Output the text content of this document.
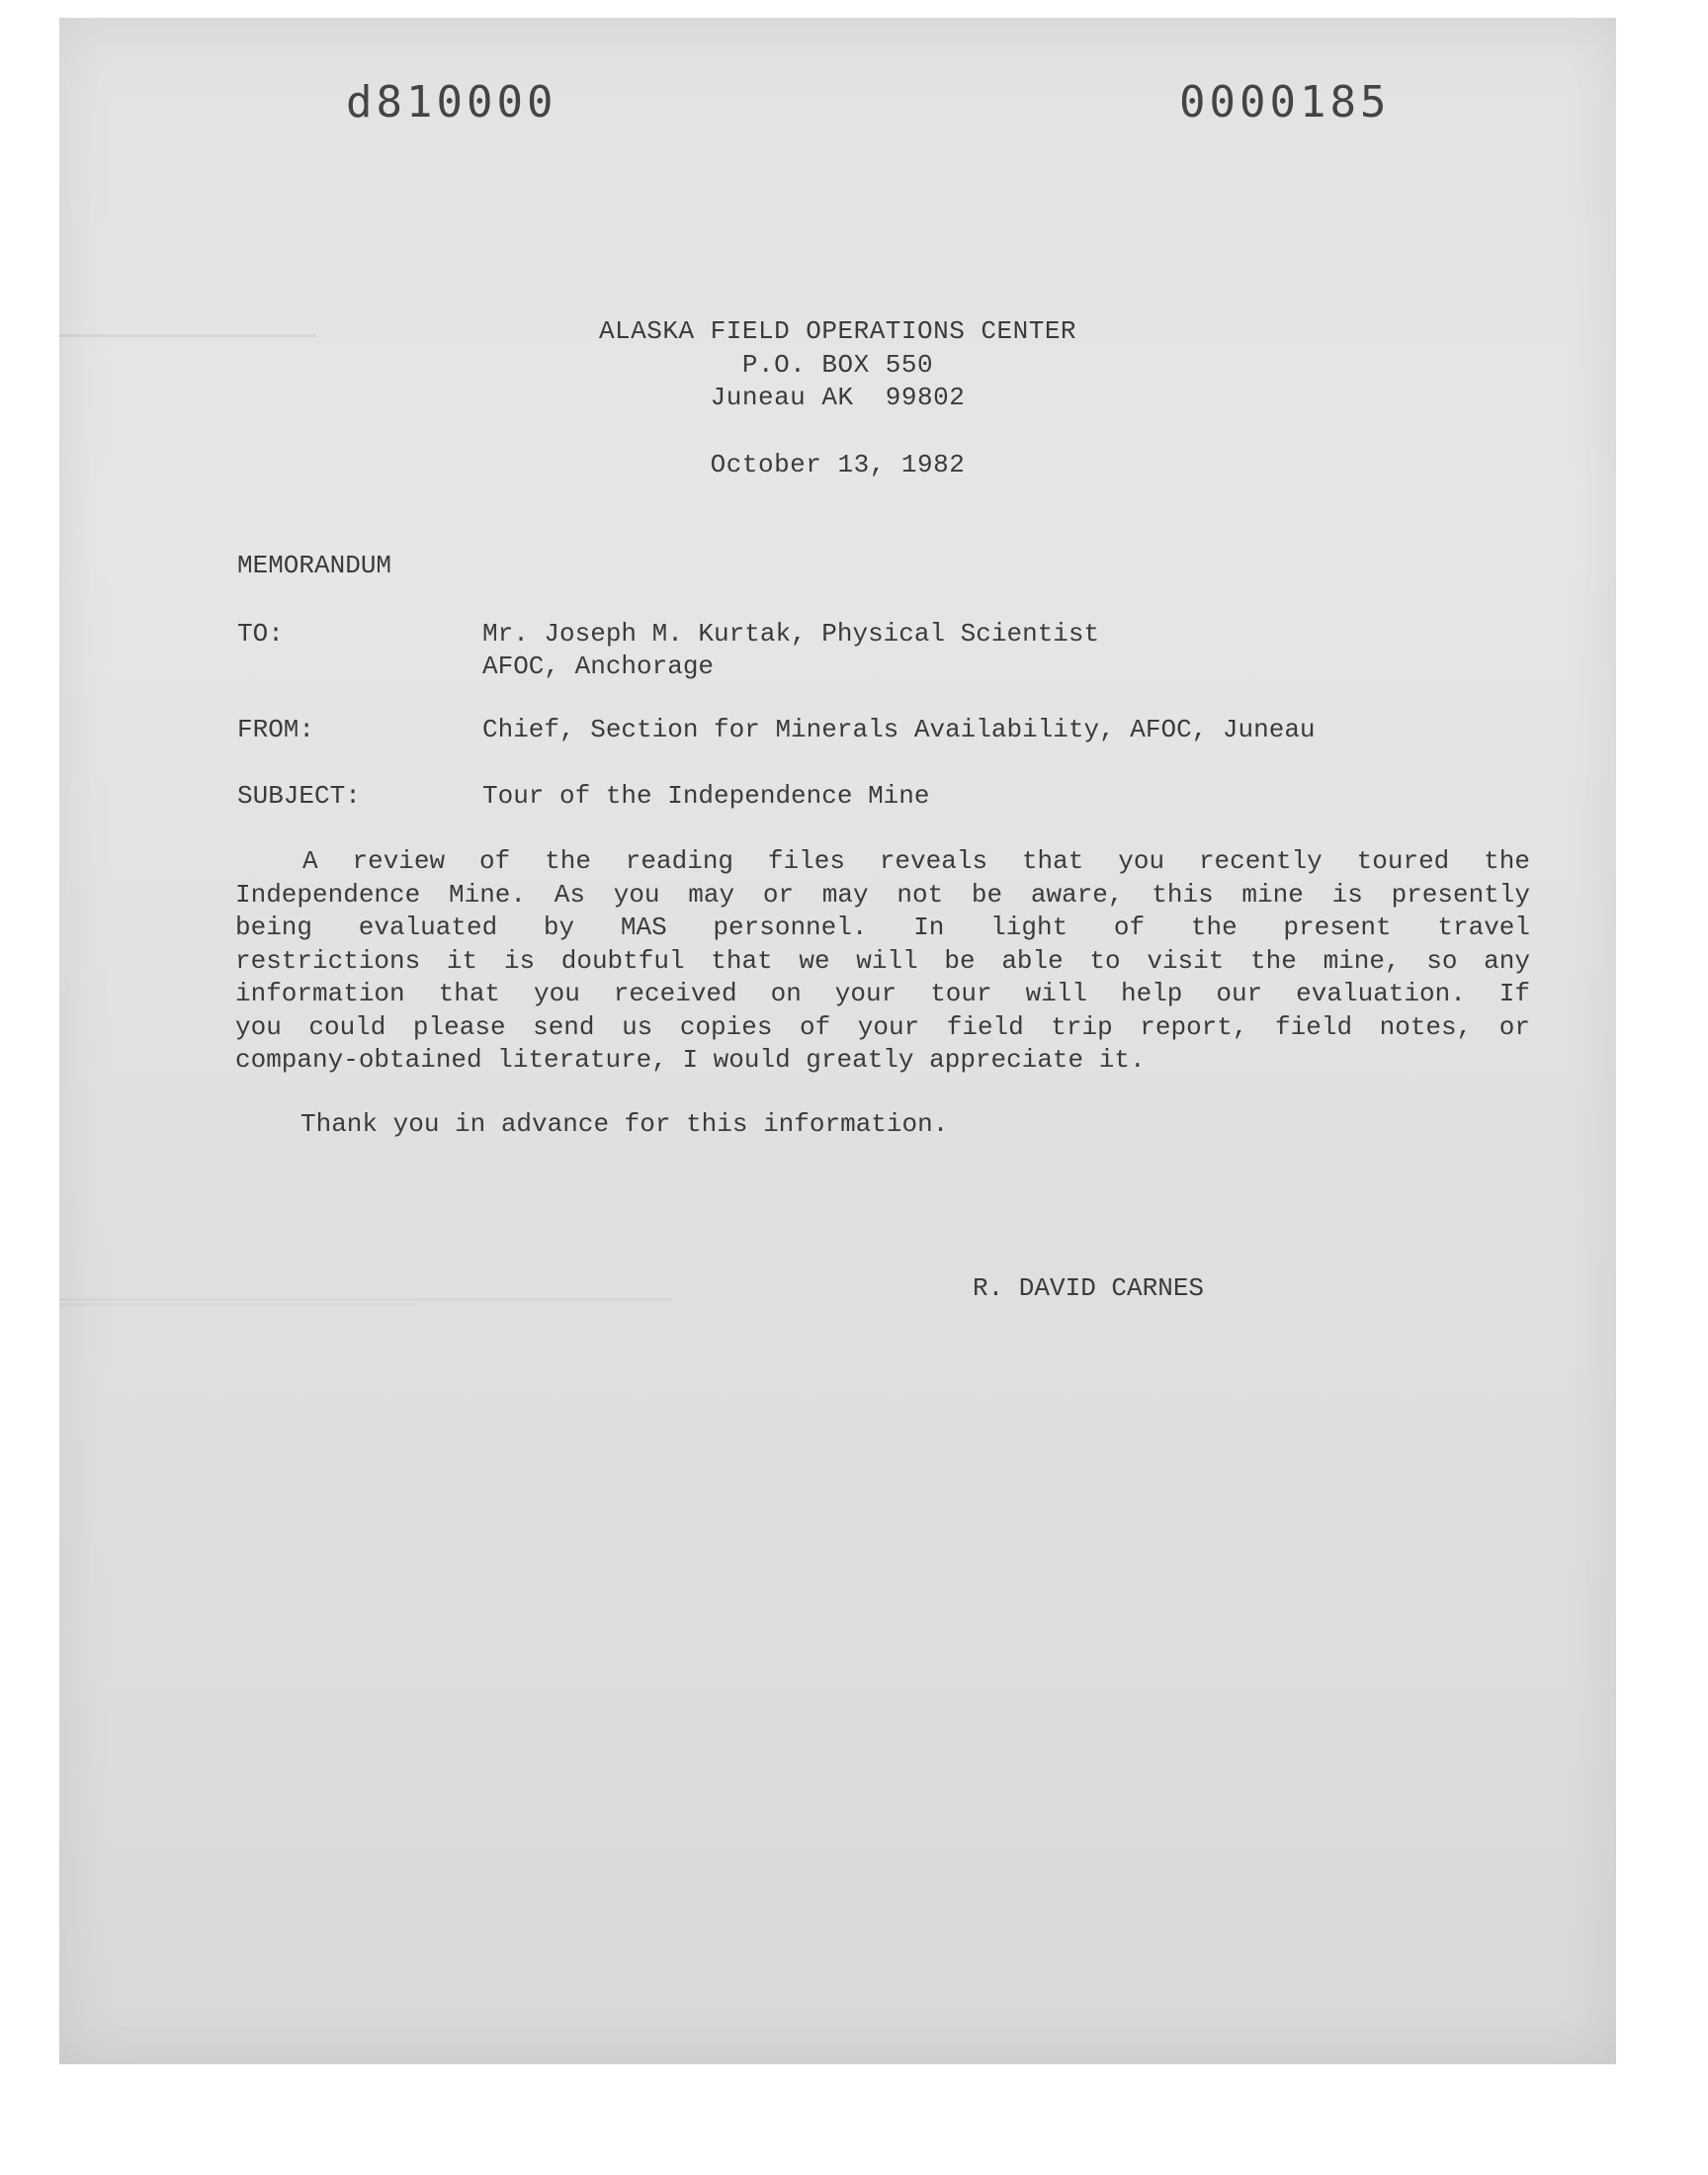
d810000	0000185
ALASKA FIELD OPERATIONS CENTER
P.O. BOX 550
Juneau AK  99802
October 13, 1982
MEMORANDUM
TO:	Mr. Joseph M. Kurtak, Physical Scientist
AFOC, Anchorage
FROM:	Chief, Section for Minerals Availability, AFOC, Juneau
SUBJECT:	Tour of the Independence Mine
A review of the reading files reveals that you recently toured the
Independence Mine. As you may or may not be aware, this mine is presently
being evaluated by MAS personnel. In light of the present travel
restrictions it is doubtful that we will be able to visit the mine, so any
information that you received on your tour will help our evaluation. If
you could please send us copies of your field trip report, field notes, or
company-obtained literature, I would greatly appreciate it.
Thank you in advance for this information.
R. DAVID CARNES
